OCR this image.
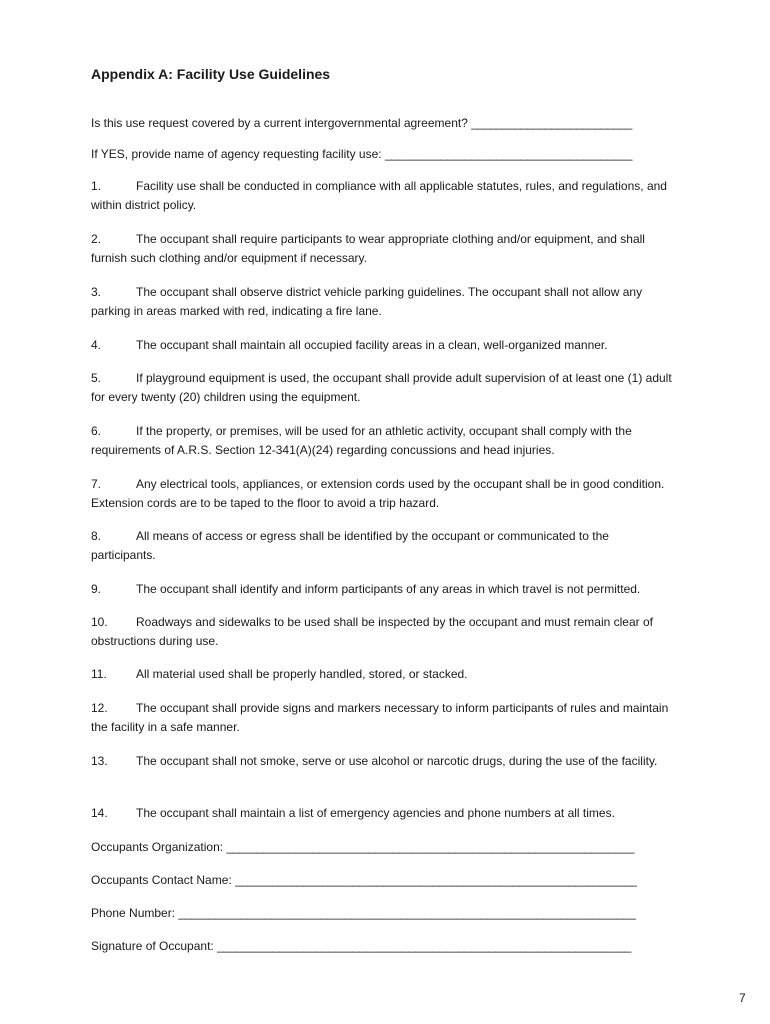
Appendix A: Facility Use Guidelines

Is this use request covered by a current intergovernmental agreement? __________________________

If YES, provide name of agency requesting facility use: ________________________________________

1.	Facility use shall be conducted in compliance with all applicable statutes, rules, and regulations, and within district policy.

2.	The occupant shall require participants to wear appropriate clothing and/or equipment, and shall furnish such clothing and/or equipment if necessary.

3.	The occupant shall observe district vehicle parking guidelines. The occupant shall not allow any parking in areas marked with red, indicating a fire lane.

4.	The occupant shall maintain all occupied facility areas in a clean, well-organized manner.

5.	If playground equipment is used, the occupant shall provide adult supervision of at least one (1) adult for every twenty (20) children using the equipment.

6.	If the property, or premises, will be used for an athletic activity, occupant shall comply with the requirements of A.R.S. Section 12-341(A)(24) regarding concussions and head injuries.

7.	Any electrical tools, appliances, or extension cords used by the occupant shall be in good condition. Extension cords are to be taped to the floor to avoid a trip hazard.

8.	All means of access or egress shall be identified by the occupant or communicated to the participants.

9.	The occupant shall identify and inform participants of any areas in which travel is not permitted.

10. Roadways and sidewalks to be used shall be inspected by the occupant and must remain clear of obstructions during use.

11. All material used shall be properly handled, stored, or stacked.

12. The occupant shall provide signs and markers necessary to inform participants of rules and maintain the facility in a safe manner.

13. The occupant shall not smoke, serve or use alcohol or narcotic drugs, during the use of the facility.

14. The occupant shall maintain a list of emergency agencies and phone numbers at all times.

Occupants Organization: __________________________________________________________________

Occupants Contact Name: _________________________________________________________________

Phone Number: __________________________________________________________________________

Signature of Occupant: ___________________________________________________________________

7
